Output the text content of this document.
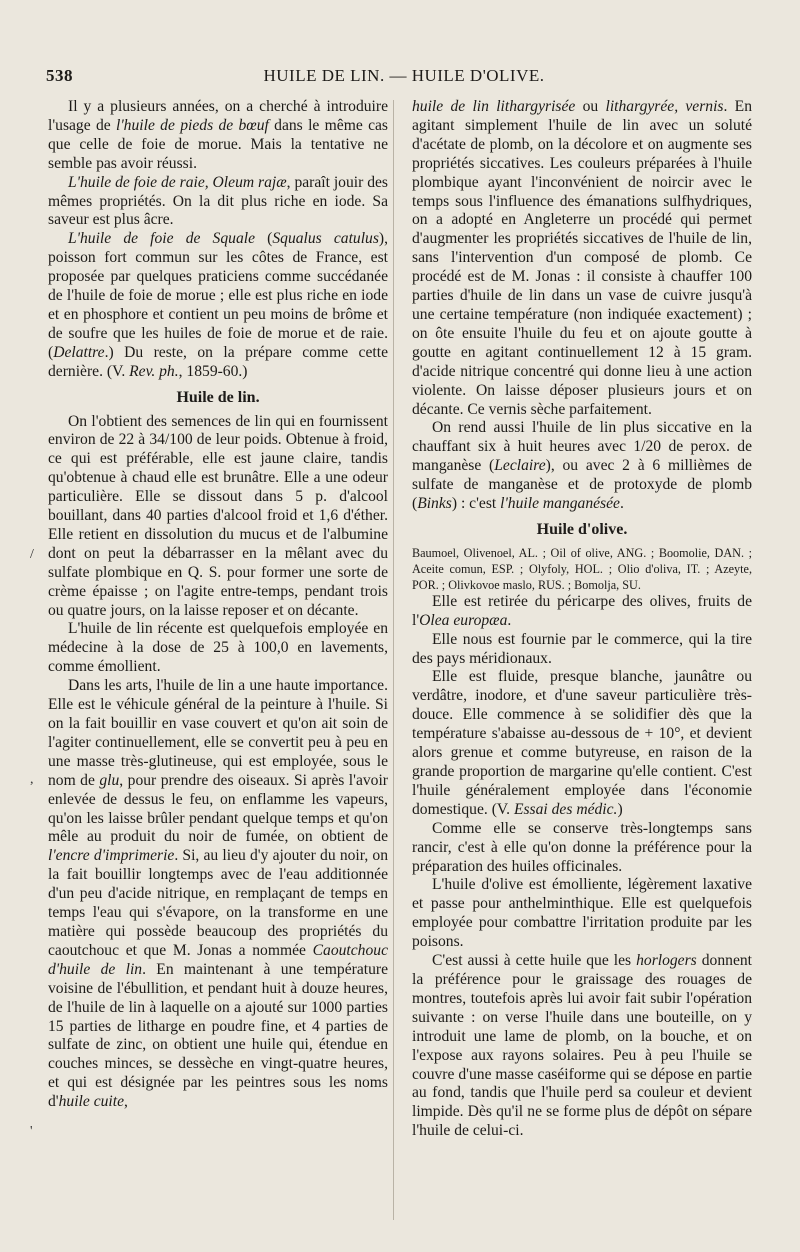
538	HUILE DE LIN. — HUILE D'OLIVE.
/
,
'

Il y a plusieurs années, on a cherché à introduire l'usage de l'huile de pieds de bœuf dans le même cas que celle de foie de morue. Mais la tentative ne semble pas avoir réussi.

L'huile de foie de raie, Oleum rajæ, paraît jouir des mêmes propriétés. On la dit plus riche en iode. Sa saveur est plus âcre.

L'huile de foie de Squale (Squalus catulus), poisson fort commun sur les côtes de France, est proposée par quelques praticiens comme succédanée de l'huile de foie de morue ; elle est plus riche en iode et en phosphore et contient un peu moins de brôme et de soufre que les huiles de foie de morue et de raie. (Delattre.) Du reste, on la prépare comme cette dernière. (V. Rev. ph., 1859-60.)

Huile de lin.

On l'obtient des semences de lin qui en fournissent environ de 22 à 34/100 de leur poids. Obtenue à froid, ce qui est préférable, elle est jaune claire, tandis qu'obtenue à chaud elle est brunâtre. Elle a une odeur particulière. Elle se dissout dans 5 p. d'alcool bouillant, dans 40 parties d'alcool froid et 1,6 d'éther. Elle retient en dissolution du mucus et de l'albumine dont on peut la débarrasser en la mêlant avec du sulfate plombique en Q. S. pour former une sorte de crème épaisse ; on l'agite entre-temps, pendant trois ou quatre jours, on la laisse reposer et on décante.

L'huile de lin récente est quelquefois employée en médecine à la dose de 25 à 100,0 en lavements, comme émollient.

Dans les arts, l'huile de lin a une haute importance. Elle est le véhicule général de la peinture à l'huile. Si on la fait bouillir en vase couvert et qu'on ait soin de l'agiter continuellement, elle se convertit peu à peu en une masse très-glutineuse, qui est employée, sous le nom de glu, pour prendre des oiseaux. Si après l'avoir enlevée de dessus le feu, on enflamme les vapeurs, qu'on les laisse brûler pendant quelque temps et qu'on mêle au produit du noir de fumée, on obtient de l'encre d'imprimerie. Si, au lieu d'y ajouter du noir, on la fait bouillir longtemps avec de l'eau additionnée d'un peu d'acide nitrique, en remplaçant de temps en temps l'eau qui s'évapore, on la transforme en une matière qui possède beaucoup des propriétés du caoutchouc et que M. Jonas a nommée Caoutchouc d'huile de lin. En maintenant à une température voisine de l'ébullition, et pendant huit à douze heures, de l'huile de lin à laquelle on a ajouté sur 1000 parties 15 parties de litharge en poudre fine, et 4 parties de sulfate de zinc, on obtient une huile qui, étendue en couches minces, se dessèche en vingt-quatre heures, et qui est désignée par les peintres sous les noms d'huile cuite,

huile de lin lithargyrisée ou lithargyrée, vernis. En agitant simplement l'huile de lin avec un soluté d'acétate de plomb, on la décolore et on augmente ses propriétés siccatives. Les couleurs préparées à l'huile plombique ayant l'inconvénient de noircir avec le temps sous l'influence des émanations sulfhydriques, on a adopté en Angleterre un procédé qui permet d'augmenter les propriétés siccatives de l'huile de lin, sans l'intervention d'un composé de plomb. Ce procédé est de M. Jonas : il consiste à chauffer 100 parties d'huile de lin dans un vase de cuivre jusqu'à une certaine température (non indiquée exactement) ; on ôte ensuite l'huile du feu et on ajoute goutte à goutte en agitant continuellement 12 à 15 gram. d'acide nitrique concentré qui donne lieu à une action violente. On laisse déposer plusieurs jours et on décante. Ce vernis sèche parfaitement.

On rend aussi l'huile de lin plus siccative en la chauffant six à huit heures avec 1/20 de perox. de manganèse (Leclaire), ou avec 2 à 6 millièmes de sulfate de manganèse et de protoxyde de plomb (Binks) : c'est l'huile manganésée.

Huile d'olive.

Baumoel, Olivenoel, AL. ; Oil of olive, ANG. ; Boomolie, DAN. ; Aceite comun, ESP. ; Olyfoly, HOL. ; Olio d'oliva, IT. ; Azeyte, POR. ; Olivkovoe maslo, RUS. ; Bomolja, SU.

Elle est retirée du péricarpe des olives, fruits de l'Olea europæa.

Elle nous est fournie par le commerce, qui la tire des pays méridionaux.

Elle est fluide, presque blanche, jaunâtre ou verdâtre, inodore, et d'une saveur particulière très-douce. Elle commence à se solidifier dès que la température s'abaisse au-dessous de + 10°, et devient alors grenue et comme butyreuse, en raison de la grande proportion de margarine qu'elle contient. C'est l'huile généralement employée dans l'économie domestique. (V. Essai des médic.)

Comme elle se conserve très-longtemps sans rancir, c'est à elle qu'on donne la préférence pour la préparation des huiles officinales.

L'huile d'olive est émolliente, légèrement laxative et passe pour anthelminthique. Elle est quelquefois employée pour combattre l'irritation produite par les poisons.

C'est aussi à cette huile que les horlogers donnent la préférence pour le graissage des rouages de montres, toutefois après lui avoir fait subir l'opération suivante : on verse l'huile dans une bouteille, on y introduit une lame de plomb, on la bouche, et on l'expose aux rayons solaires. Peu à peu l'huile se couvre d'une masse caséiforme qui se dépose en partie au fond, tandis que l'huile perd sa couleur et devient limpide. Dès qu'il ne se forme plus de dépôt on sépare l'huile de celui-ci.
